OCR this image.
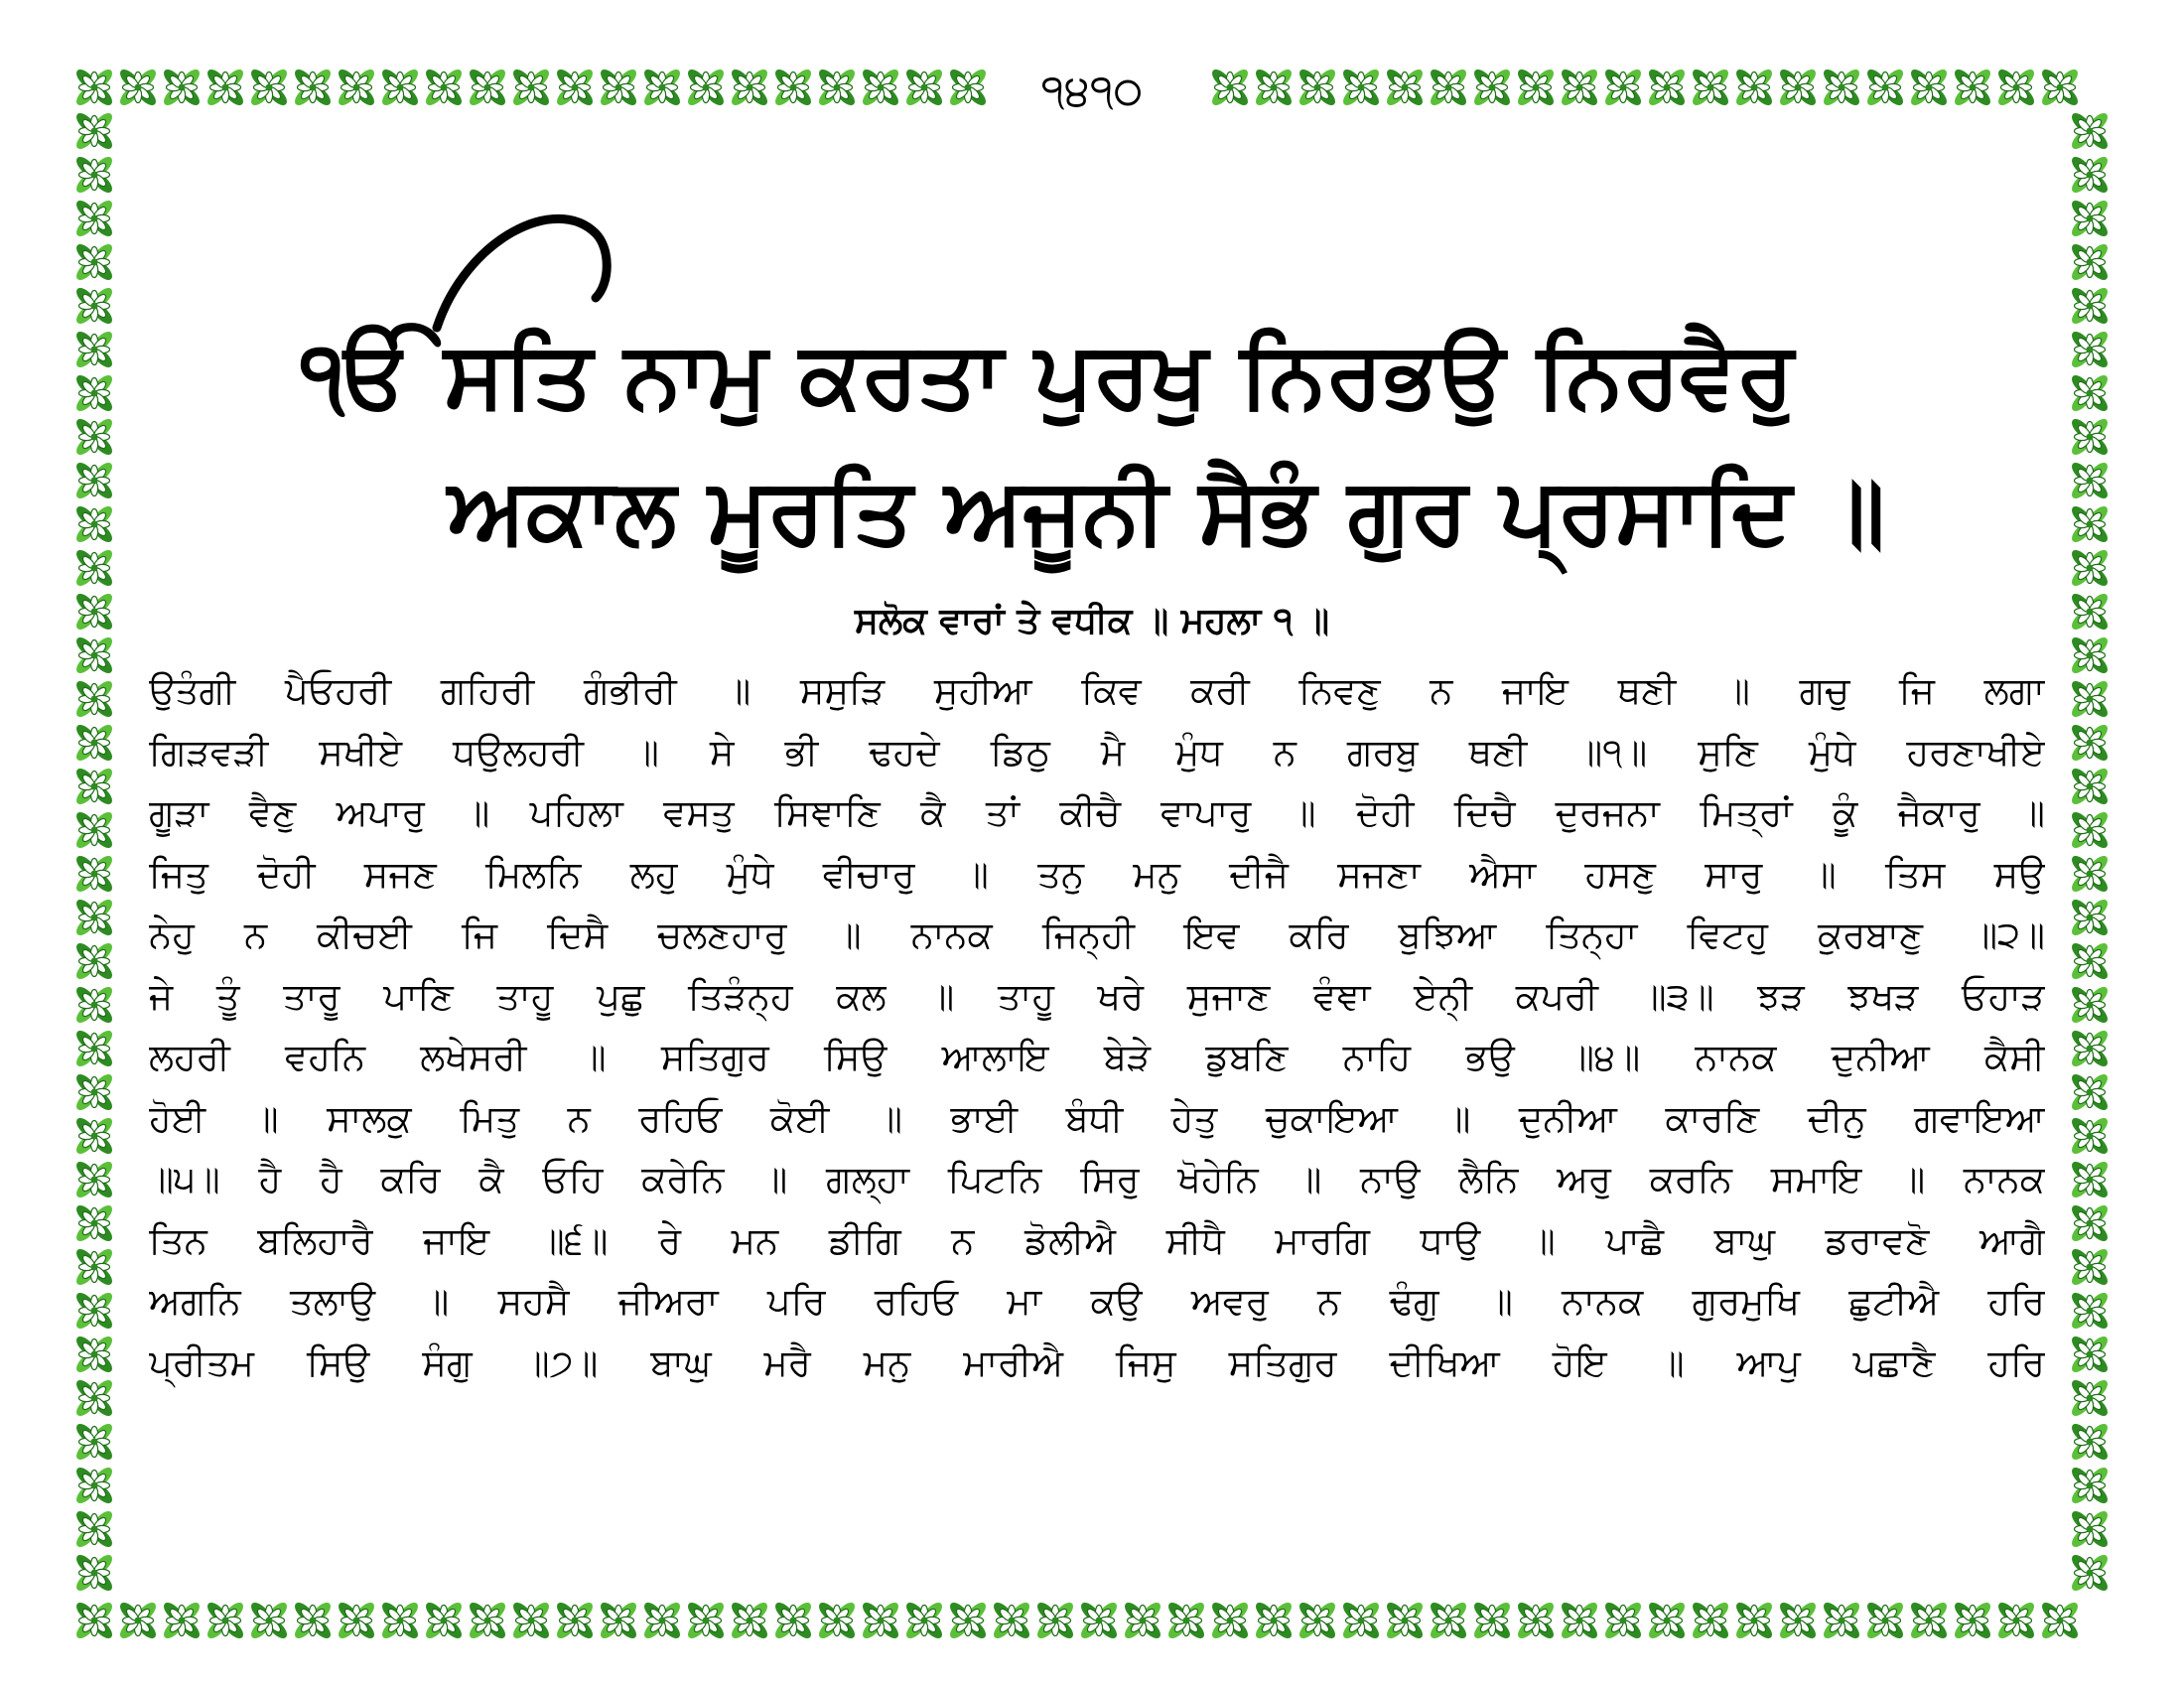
੧੪੧੦
ੴ ਸਤਿ ਨਾਮੁ ਕਰਤਾ ਪੁਰਖੁ ਨਿਰਭਉ ਨਿਰਵੈਰੁ
ਅਕਾਲ ਮੂਰਤਿ ਅਜੂਨੀ ਸੈਭੰ ਗੁਰ ਪ੍ਰਸਾਦਿ ॥
ਸਲੋਕ ਵਾਰਾਂ ਤੇ ਵਧੀਕ ॥ ਮਹਲਾ ੧ ॥
ਉਤੰਗੀ ਪੈਓਹਰੀ ਗਹਿਰੀ ਗੰਭੀਰੀ ॥ ਸਸੁੜਿ ਸੁਹੀਆ ਕਿਵ ਕਰੀ ਨਿਵਣੁ ਨ ਜਾਇ ਥਣੀ ॥ ਗਚੁ ਜਿ ਲਗਾ
ਗਿੜਵੜੀ ਸਖੀਏ ਧਉਲਹਰੀ ॥ ਸੇ ਭੀ ਢਹਦੇ ਡਿਠੁ ਮੈ ਮੁੰਧ ਨ ਗਰਬੁ ਥਣੀ ॥੧॥ ਸੁਣਿ ਮੁੰਧੇ ਹਰਣਾਖੀਏ
ਗੂੜਾ ਵੈਣੁ ਅਪਾਰੁ ॥ ਪਹਿਲਾ ਵਸਤੁ ਸਿਞਾਣਿ ਕੈ ਤਾਂ ਕੀਚੈ ਵਾਪਾਰੁ ॥ ਦੋਹੀ ਦਿਚੈ ਦੁਰਜਨਾ ਮਿਤ੍ਰਾਂ ਕੂੰ ਜੈਕਾਰੁ ॥
ਜਿਤੁ ਦੋਹੀ ਸਜਣ ਮਿਲਨਿ ਲਹੁ ਮੁੰਧੇ ਵੀਚਾਰੁ ॥ ਤਨੁ ਮਨੁ ਦੀਜੈ ਸਜਣਾ ਐਸਾ ਹਸਣੁ ਸਾਰੁ ॥ ਤਿਸ ਸਉ
ਨੇਹੁ ਨ ਕੀਚਈ ਜਿ ਦਿਸੈ ਚਲਣਹਾਰੁ ॥ ਨਾਨਕ ਜਿਨ੍ਹੀ ਇਵ ਕਰਿ ਬੁਝਿਆ ਤਿਨ੍ਹਾ ਵਿਟਹੁ ਕੁਰਬਾਣੁ ॥੨॥
ਜੇ ਤੂੰ ਤਾਰੂ ਪਾਣਿ ਤਾਹੂ ਪੁਛੁ ਤਿੜੰਨ੍ਹ ਕਲ ॥ ਤਾਹੂ ਖਰੇ ਸੁਜਾਣ ਵੰਞਾ ਏਨੀ੍ ਕਪਰੀ ॥੩॥ ਝੜ ਝਖੜ ਓਹਾੜ
ਲਹਰੀ ਵਹਨਿ ਲਖੇਸਰੀ ॥ ਸਤਿਗੁਰ ਸਿਉ ਆਲਾਇ ਬੇੜੇ ਡੁਬਣਿ ਨਾਹਿ ਭਉ ॥੪॥ ਨਾਨਕ ਦੁਨੀਆ ਕੈਸੀ
ਹੋਈ ॥ ਸਾਲਕੁ ਮਿਤੁ ਨ ਰਹਿਓ ਕੋਈ ॥ ਭਾਈ ਬੰਧੀ ਹੇਤੁ ਚੁਕਾਇਆ ॥ ਦੁਨੀਆ ਕਾਰਣਿ ਦੀਨੁ ਗਵਾਇਆ
॥੫॥ ਹੈ ਹੈ ਕਰਿ ਕੈ ਓਹਿ ਕਰੇਨਿ ॥ ਗਲ੍ਹਾ ਪਿਟਨਿ ਸਿਰੁ ਖੋਹੇਨਿ ॥ ਨਾਉ ਲੈਨਿ ਅਰੁ ਕਰਨਿ ਸਮਾਇ ॥ ਨਾਨਕ
ਤਿਨ ਬਲਿਹਾਰੈ ਜਾਇ ॥੬॥ ਰੇ ਮਨ ਡੀਗਿ ਨ ਡੋਲੀਐ ਸੀਧੈ ਮਾਰਗਿ ਧਾਉ ॥ ਪਾਛੈ ਬਾਘੁ ਡਰਾਵਣੋ ਆਗੈ
ਅਗਨਿ ਤਲਾਉ ॥ ਸਹਸੈ ਜੀਅਰਾ ਪਰਿ ਰਹਿਓ ਮਾ ਕਉ ਅਵਰੁ ਨ ਢੰਗੁ ॥ ਨਾਨਕ ਗੁਰਮੁਖਿ ਛੁਟੀਐ ਹਰਿ
ਪ੍ਰੀਤਮ ਸਿਉ ਸੰਗੁ ॥੭॥ ਬਾਘੁ ਮਰੈ ਮਨੁ ਮਾਰੀਐ ਜਿਸੁ ਸਤਿਗੁਰ ਦੀਖਿਆ ਹੋਇ ॥ ਆਪੁ ਪਛਾਣੈ ਹਰਿ
